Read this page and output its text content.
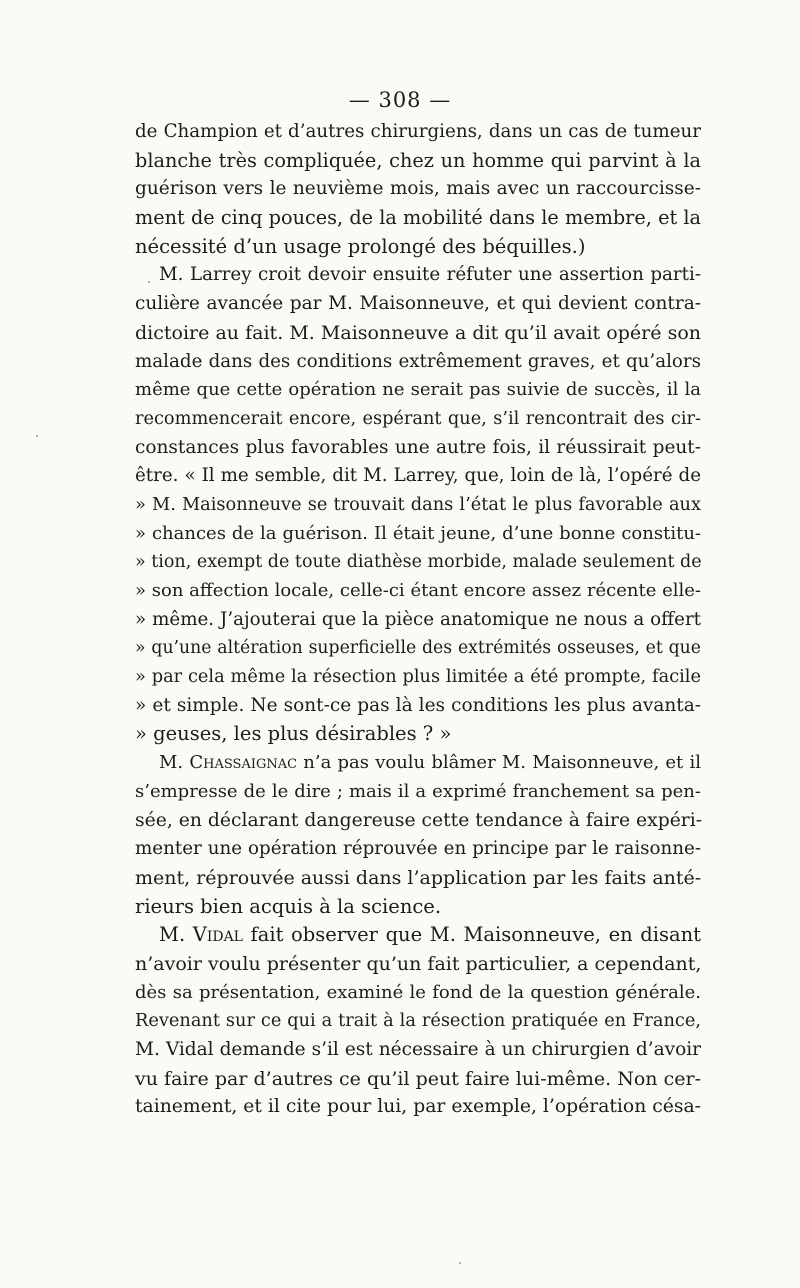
— 308 —
de Champion et d’autres chirurgiens, dans un cas de tumeur
blanche très compliquée, chez un homme qui parvint à la
guérison vers le neuvième mois, mais avec un raccourcisse-
ment de cinq pouces, de la mobilité dans le membre, et la
nécessité d’un usage prolongé des béquilles.)
M. Larrey croit devoir ensuite réfuter une assertion parti-
culière avancée par M. Maisonneuve, et qui devient contra-
dictoire au fait. M. Maisonneuve a dit qu’il avait opéré son
malade dans des conditions extrêmement graves, et qu’alors
même que cette opération ne serait pas suivie de succès, il la
recommencerait encore, espérant que, s’il rencontrait des cir-
constances plus favorables une autre fois, il réussirait peut-
être. « Il me semble, dit M. Larrey, que, loin de là, l’opéré de
» M. Maisonneuve se trouvait dans l’état le plus favorable aux
» chances de la guérison. Il était jeune, d’une bonne constitu-
» tion, exempt de toute diathèse morbide, malade seulement de
» son affection locale, celle-ci étant encore assez récente elle-
» même. J’ajouterai que la pièce anatomique ne nous a offert
» qu’une altération superficielle des extrémités osseuses, et que
» par cela même la résection plus limitée a été prompte, facile
» et simple. Ne sont-ce pas là les conditions les plus avanta-
» geuses, les plus désirables ? »
M. Chassaignac n’a pas voulu blâmer M. Maisonneuve, et il
s’empresse de le dire ; mais il a exprimé franchement sa pen-
sée, en déclarant dangereuse cette tendance à faire expéri-
menter une opération réprouvée en principe par le raisonne-
ment, réprouvée aussi dans l’application par les faits anté-
rieurs bien acquis à la science.
M. Vidal fait observer que M. Maisonneuve, en disant
n’avoir voulu présenter qu’un fait particulier, a cependant,
dès sa présentation, examiné le fond de la question générale.
Revenant sur ce qui a trait à la résection pratiquée en France,
M. Vidal demande s’il est nécessaire à un chirurgien d’avoir
vu faire par d’autres ce qu’il peut faire lui-même. Non cer-
tainement, et il cite pour lui, par exemple, l’opération césa-
